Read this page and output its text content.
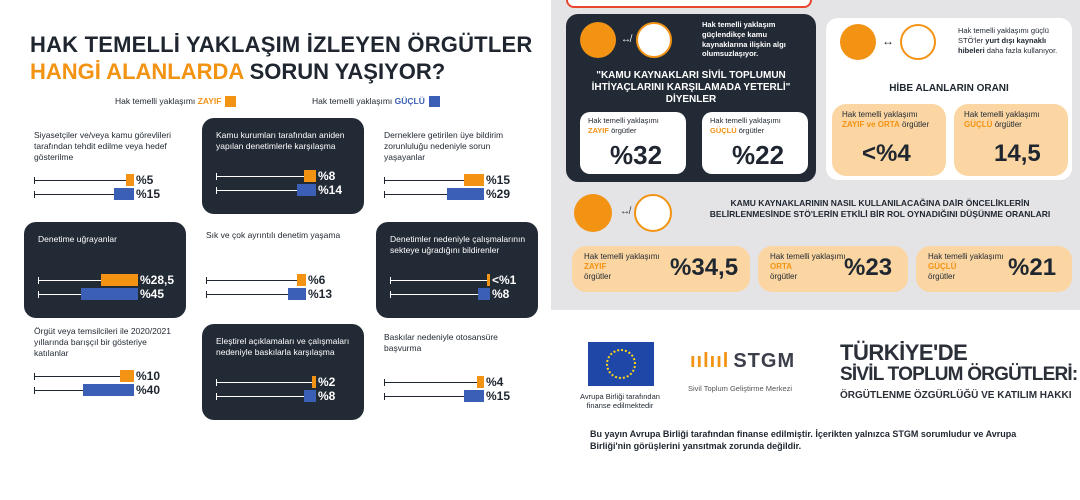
HAK TEMELLİ YAKLAŞIM İZLEYEN ÖRGÜTLER
HANGİ ALANLARDA SORUN YAŞIYOR?
Hak temelli yaklaşımı ZAYIF	Hak temelli yaklaşımı GÜÇLÜ
Siyasetçiler ve/veya kamu görevlileri tarafından tehdit edilme veya hedef gösterilme
%5
%15
Kamu kurumları tarafından aniden yapılan denetimlerle karşılaşma
%8
%14
Derneklere getirilen üye bildirim zorunluluğu nedeniyle sorun yaşayanlar
%15
%29
Denetime uğrayanlar
%28,5
%45
Sık ve çok ayrıntılı denetim yaşama
%6
%13
Denetimler nedeniyle çalışmalarının sekteye uğradığını bildirenler
<%1
%8
Örgüt veya temsilcileri ile 2020/2021 yıllarında barışçıl bir gösteriye katılanlar
%10
%40
Eleştirel açıklamaları ve çalışmaları nedeniyle baskılarla karşılaşma
%2
%8
Baskılar nedeniyle otosansüre başvurma
%4
%15
↮
Hak temelli yaklaşım güçlendikçe kamu kaynaklarına ilişkin algı olumsuzlaşıyor.
"KAMU KAYNAKLARI SİVİL TOPLUMUN İHTİYAÇLARINI KARŞILAMADA YETERLİ" DİYENLER
Hak temelli yaklaşımı
ZAYIF örgütler
%32
Hak temelli yaklaşımı
GÜÇLÜ örgütler
%22
↔
Hak temelli yaklaşımı güçlü STÖ'ler yurt dışı kaynaklı hibeleri daha fazla kullanıyor.
HİBE ALANLARIN ORANI
Hak temelli yaklaşımı
ZAYIF ve ORTA örgütler
<%4
Hak temelli yaklaşımı
GÜÇLÜ örgütler
14,5
↮
KAMU KAYNAKLARININ NASIL KULLANILACAĞINA DAİR ÖNCELİKLERİN BELİRLENMESİNDE STÖ'LERİN ETKİLİ BİR ROL OYNADIĞINI DÜŞÜNME ORANLARI
Hak temelli yaklaşımı
ZAYIF
örgütler	%34,5	Hak temelli yaklaşımı
ORTA
örgütler	%23	Hak temelli yaklaşımı
GÜÇLÜ
örgütler	%21
Avrupa Birliği tarafından finanse edilmektedir
ıılııl STGM
Sivil Toplum Geliştirme Merkezi
TÜRKİYE'DE
SİVİL TOPLUM ÖRGÜTLERİ:
ÖRGÜTLENME ÖZGÜRLÜĞÜ VE KATILIM HAKKI
Bu yayın Avrupa Birliği tarafından finanse edilmiştir. İçerikten yalnızca STGM sorumludur ve Avrupa Birliği'nin görüşlerini yansıtmak zorunda değildir.
